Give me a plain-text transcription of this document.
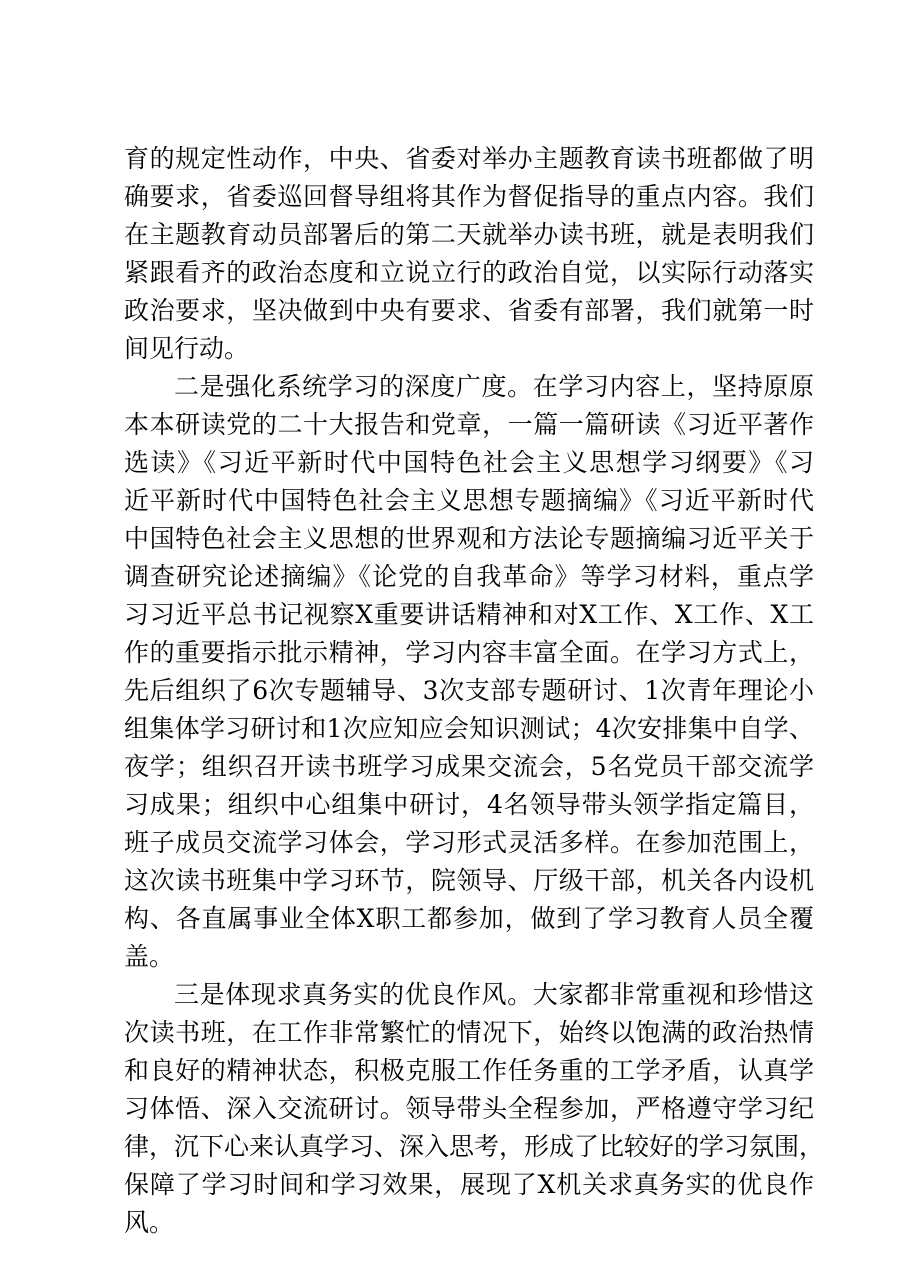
育的规定性动作，中央、省委对举办主题教育读书班都做了明
确要求，省委巡回督导组将其作为督促指导的重点内容。我们
在主题教育动员部署后的第二天就举办读书班，就是表明我们
紧跟看齐的政治态度和立说立行的政治自觉，以实际行动落实
政治要求，坚决做到中央有要求、省委有部署，我们就第一时
间见行动。
二是强化系统学习的深度广度。在学习内容上，坚持原原
本本研读党的二十大报告和党章，一篇一篇研读《习近平著作
选读》《习近平新时代中国特色社会主义思想学习纲要》《习
近平新时代中国特色社会主义思想专题摘编》《习近平新时代
中国特色社会主义思想的世界观和方法论专题摘编习近平关于
调查研究论述摘编》《论党的自我革命》等学习材料，重点学
习习近平总书记视察X重要讲话精神和对X工作、X工作、X工
作的重要指示批示精神，学习内容丰富全面。在学习方式上，
先后组织了6次专题辅导、3次支部专题研讨、1次青年理论小
组集体学习研讨和1次应知应会知识测试；4次安排集中自学、
夜学；组织召开读书班学习成果交流会，5名党员干部交流学
习成果；组织中心组集中研讨，4名领导带头领学指定篇目，
班子成员交流学习体会，学习形式灵活多样。在参加范围上，
这次读书班集中学习环节，院领导、厅级干部，机关各内设机
构、各直属事业全体X职工都参加，做到了学习教育人员全覆
盖。
三是体现求真务实的优良作风。大家都非常重视和珍惜这
次读书班，在工作非常繁忙的情况下，始终以饱满的政治热情
和良好的精神状态，积极克服工作任务重的工学矛盾，认真学
习体悟、深入交流研讨。领导带头全程参加，严格遵守学习纪
律，沉下心来认真学习、深入思考，形成了比较好的学习氛围，
保障了学习时间和学习效果，展现了X机关求真务实的优良作
风。
